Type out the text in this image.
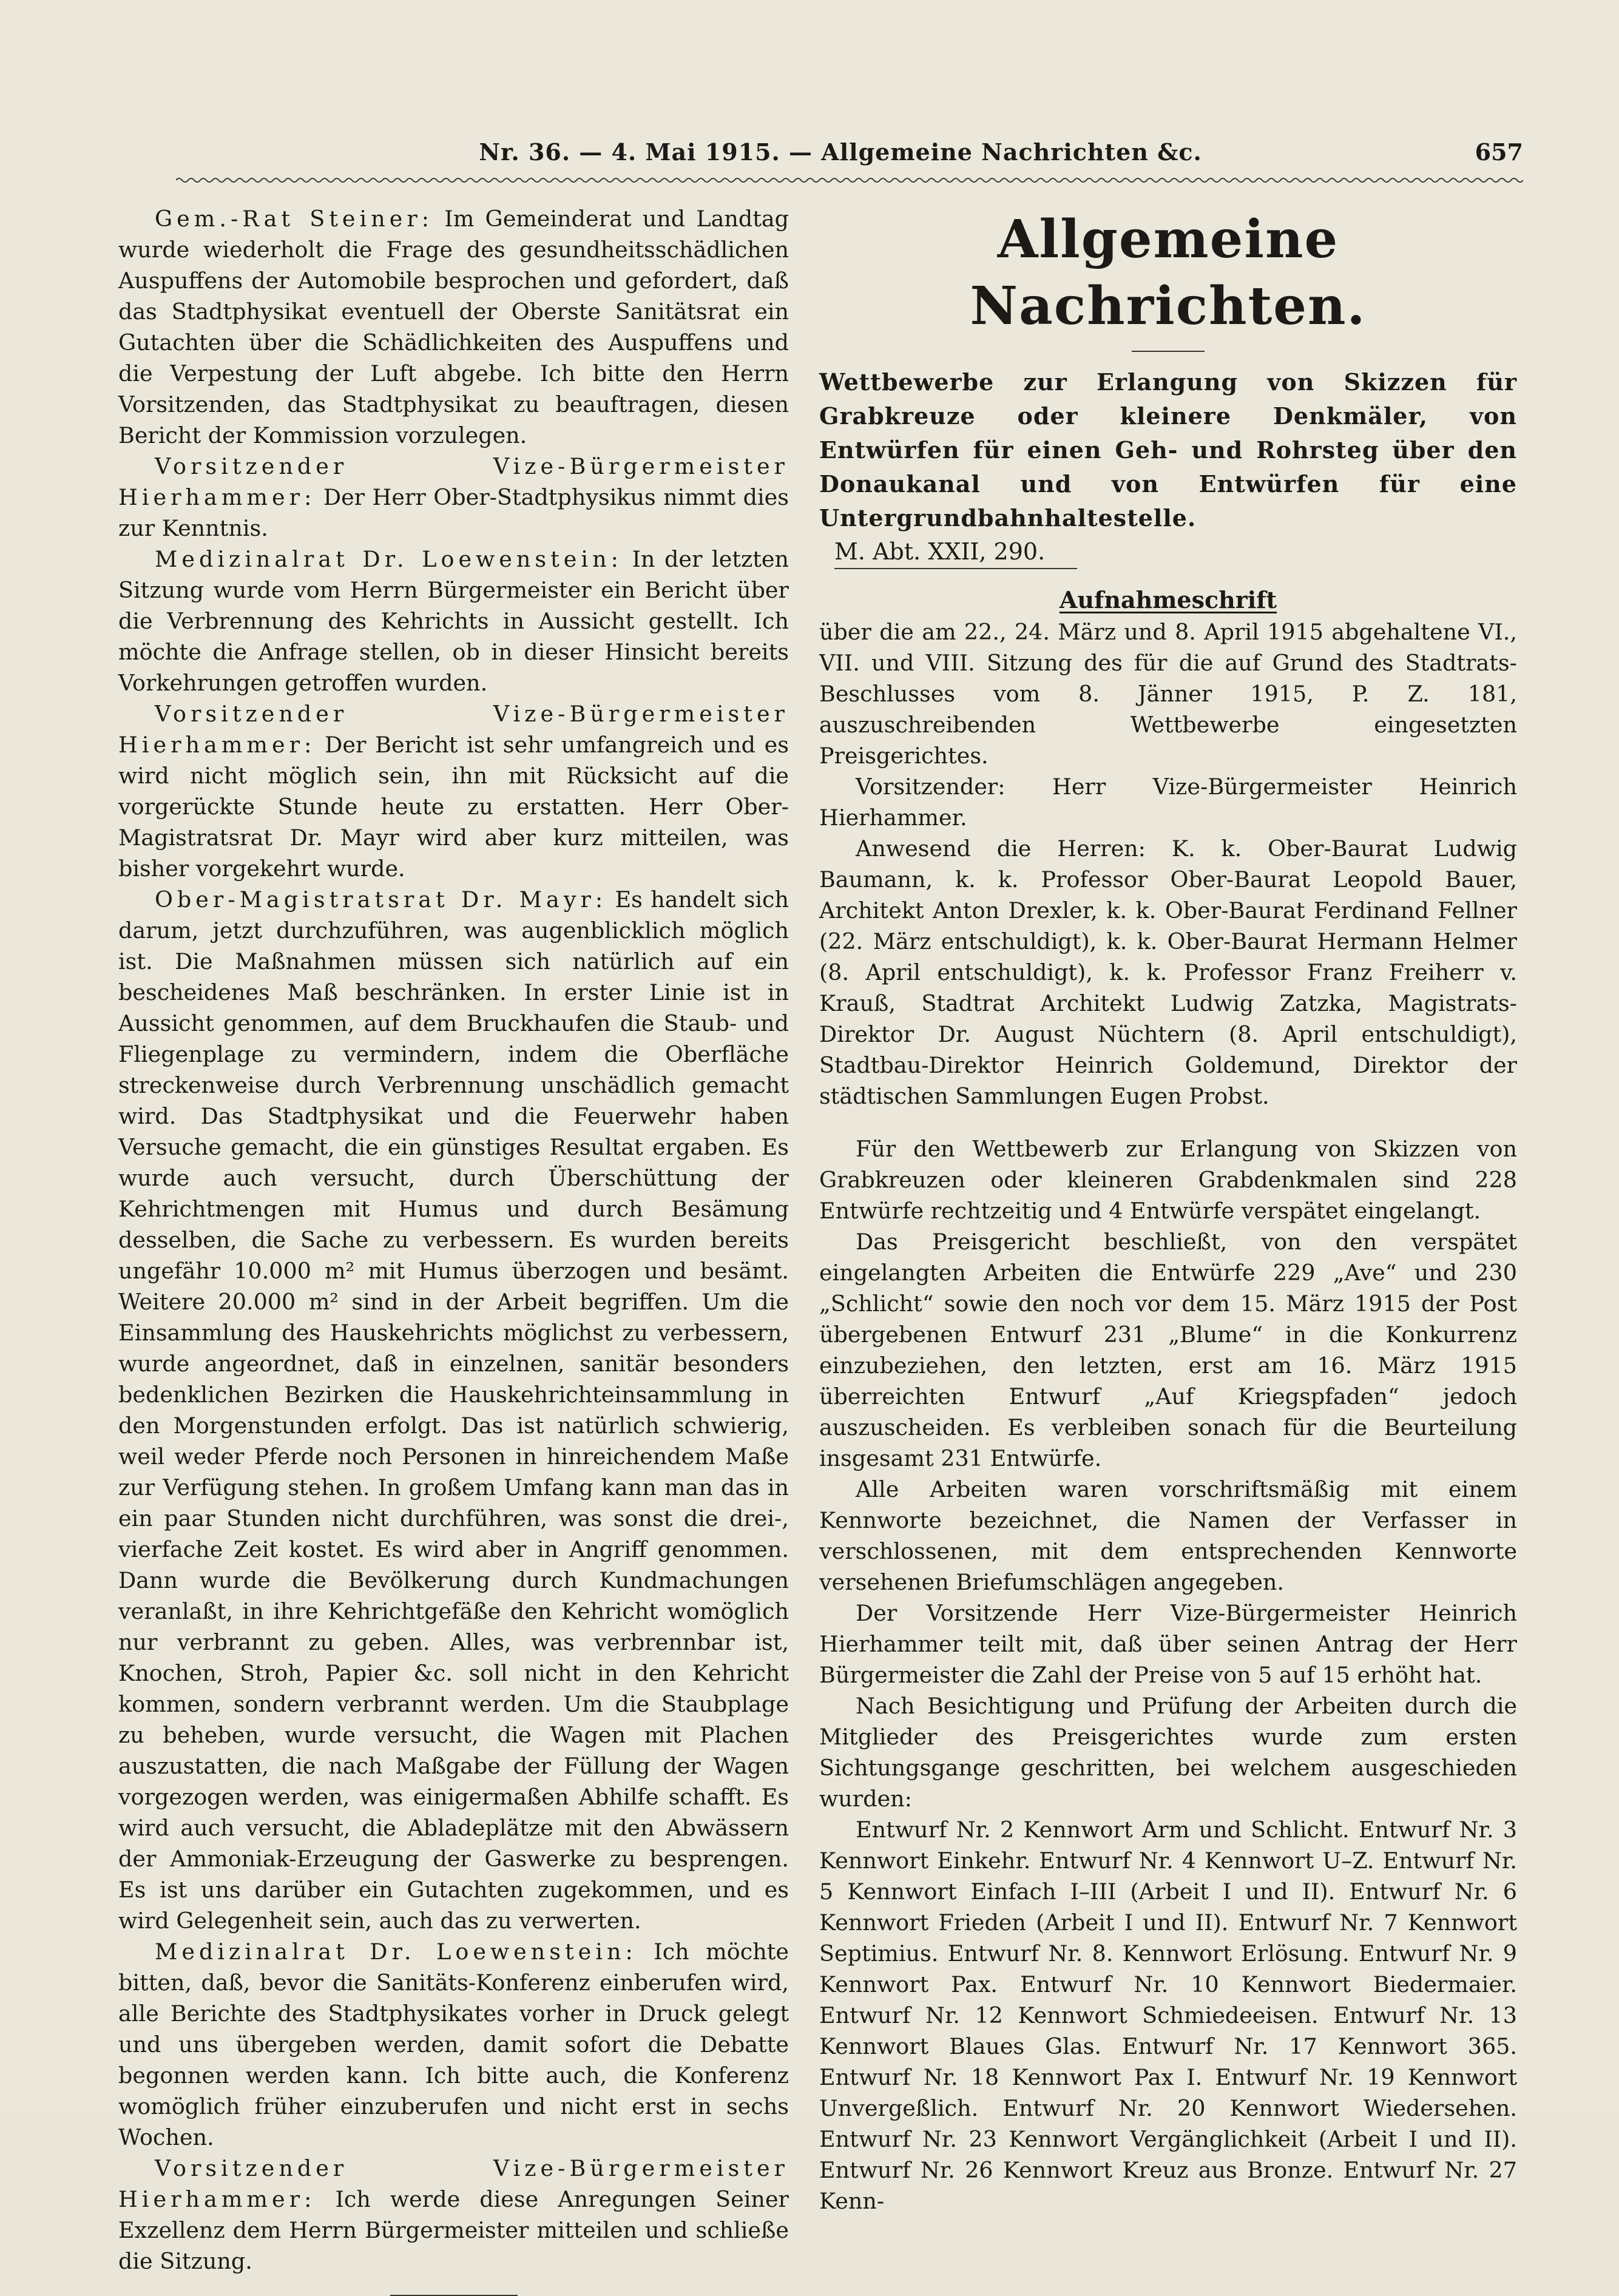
Nr. 36. — 4. Mai 1915. — Allgemeine Nachrichten &c.	657

Gem.-Rat Steiner: Im Gemeinderat und Landtag wurde wiederholt die Frage des gesundheitsschädlichen Auspuffens der Automobile besprochen und gefordert, daß das Stadtphysikat eventuell der Oberste Sanitätsrat ein Gutachten über die Schädlichkeiten des Auspuffens und die Verpestung der Luft abgebe. Ich bitte den Herrn Vorsitzenden, das Stadtphysikat zu beauftragen, diesen Bericht der Kommission vorzulegen.

Vorsitzender Vize-Bürgermeister Hierhammer: Der Herr Ober-Stadtphysikus nimmt dies zur Kenntnis.

Medizinalrat Dr. Loewenstein: In der letzten Sitzung wurde vom Herrn Bürgermeister ein Bericht über die Verbrennung des Kehrichts in Aussicht gestellt. Ich möchte die Anfrage stellen, ob in dieser Hinsicht bereits Vorkehrungen getroffen wurden.

Vorsitzender Vize-Bürgermeister Hierhammer: Der Bericht ist sehr umfangreich und es wird nicht möglich sein, ihn mit Rücksicht auf die vorgerückte Stunde heute zu erstatten. Herr Ober-Magistratsrat Dr. Mayr wird aber kurz mitteilen, was bisher vorgekehrt wurde.

Ober-Magistratsrat Dr. Mayr: Es handelt sich darum, jetzt durchzuführen, was augenblicklich möglich ist. Die Maßnahmen müssen sich natürlich auf ein bescheidenes Maß beschränken. In erster Linie ist in Aussicht genommen, auf dem Bruckhaufen die Staub- und Fliegenplage zu vermindern, indem die Oberfläche streckenweise durch Verbrennung unschädlich gemacht wird. Das Stadtphysikat und die Feuerwehr haben Versuche gemacht, die ein günstiges Resultat ergaben. Es wurde auch versucht, durch Überschüttung der Kehrichtmengen mit Humus und durch Besämung desselben, die Sache zu verbessern. Es wurden bereits ungefähr 10.000 m² mit Humus überzogen und besämt. Weitere 20.000 m² sind in der Arbeit begriffen. Um die Einsammlung des Hauskehrichts möglichst zu verbessern, wurde angeordnet, daß in einzelnen, sanitär besonders bedenklichen Bezirken die Hauskehrichteinsammlung in den Morgenstunden erfolgt. Das ist natürlich schwierig, weil weder Pferde noch Personen in hinreichendem Maße zur Verfügung stehen. In großem Umfang kann man das in ein paar Stunden nicht durchführen, was sonst die drei-, vierfache Zeit kostet. Es wird aber in Angriff genommen. Dann wurde die Bevölkerung durch Kundmachungen veranlaßt, in ihre Kehrichtgefäße den Kehricht womöglich nur verbrannt zu geben. Alles, was verbrennbar ist, Knochen, Stroh, Papier &c. soll nicht in den Kehricht kommen, sondern verbrannt werden. Um die Staubplage zu beheben, wurde versucht, die Wagen mit Plachen auszustatten, die nach Maßgabe der Füllung der Wagen vorgezogen werden, was einigermaßen Abhilfe schafft. Es wird auch versucht, die Abladeplätze mit den Abwässern der Ammoniak-Erzeugung der Gaswerke zu besprengen. Es ist uns darüber ein Gutachten zugekommen, und es wird Gelegenheit sein, auch das zu verwerten.

Medizinalrat Dr. Loewenstein: Ich möchte bitten, daß, bevor die Sanitäts-Konferenz einberufen wird, alle Berichte des Stadtphysikates vorher in Druck gelegt und uns übergeben werden, damit sofort die Debatte begonnen werden kann. Ich bitte auch, die Konferenz womöglich früher einzuberufen und nicht erst in sechs Wochen.

Vorsitzender Vize-Bürgermeister Hierhammer: Ich werde diese Anregungen Seiner Exzellenz dem Herrn Bürgermeister mitteilen und schließe die Sitzung.

Allgemeine Nachrichten.

Wettbewerbe zur Erlangung von Skizzen für Grabkreuze oder kleinere Denkmäler, von Entwürfen für einen Geh- und Rohrsteg über den Donaukanal und von Entwürfen für eine Untergrundbahnhaltestelle.

M. Abt. XXII, 290.

Aufnahmeschrift

über die am 22., 24. März und 8. April 1915 abgehaltene VI., VII. und VIII. Sitzung des für die auf Grund des Stadtrats-Beschlusses vom 8. Jänner 1915, P. Z. 181, auszuschreibenden Wettbewerbe eingesetzten Preisgerichtes.

Vorsitzender: Herr Vize-Bürgermeister Heinrich Hierhammer.

Anwesend die Herren: K. k. Ober-Baurat Ludwig Baumann, k. k. Professor Ober-Baurat Leopold Bauer, Architekt Anton Drexler, k. k. Ober-Baurat Ferdinand Fellner (22. März entschuldigt), k. k. Ober-Baurat Hermann Helmer (8. April entschuldigt), k. k. Professor Franz Freiherr v. Krauß, Stadtrat Architekt Ludwig Zatzka, Magistrats-Direktor Dr. August Nüchtern (8. April entschuldigt), Stadtbau-Direktor Heinrich Goldemund, Direktor der städtischen Sammlungen Eugen Probst.

Für den Wettbewerb zur Erlangung von Skizzen von Grabkreuzen oder kleineren Grabdenkmalen sind 228 Entwürfe rechtzeitig und 4 Entwürfe verspätet eingelangt.

Das Preisgericht beschließt, von den verspätet eingelangten Arbeiten die Entwürfe 229 „Ave“ und 230 „Schlicht“ sowie den noch vor dem 15. März 1915 der Post übergebenen Entwurf 231 „Blume“ in die Konkurrenz einzubeziehen, den letzten, erst am 16. März 1915 überreichten Entwurf „Auf Kriegspfaden“ jedoch auszuscheiden. Es verbleiben sonach für die Beurteilung insgesamt 231 Entwürfe.

Alle Arbeiten waren vorschriftsmäßig mit einem Kennworte bezeichnet, die Namen der Verfasser in verschlossenen, mit dem entsprechenden Kennworte versehenen Briefumschlägen angegeben.

Der Vorsitzende Herr Vize-Bürgermeister Heinrich Hierhammer teilt mit, daß über seinen Antrag der Herr Bürgermeister die Zahl der Preise von 5 auf 15 erhöht hat.

Nach Besichtigung und Prüfung der Arbeiten durch die Mitglieder des Preisgerichtes wurde zum ersten Sichtungsgange geschritten, bei welchem ausgeschieden wurden:

Entwurf Nr. 2 Kennwort Arm und Schlicht. Entwurf Nr. 3 Kennwort Einkehr. Entwurf Nr. 4 Kennwort U–Z. Entwurf Nr. 5 Kennwort Einfach I–III (Arbeit I und II). Entwurf Nr. 6 Kennwort Frieden (Arbeit I und II). Entwurf Nr. 7 Kennwort Septimius. Entwurf Nr. 8. Kennwort Erlösung. Entwurf Nr. 9 Kennwort Pax. Entwurf Nr. 10 Kennwort Biedermaier. Entwurf Nr. 12 Kennwort Schmiedeeisen. Entwurf Nr. 13 Kennwort Blaues Glas. Entwurf Nr. 17 Kennwort 365. Entwurf Nr. 18 Kennwort Pax I. Entwurf Nr. 19 Kennwort Unvergeßlich. Entwurf Nr. 20 Kennwort Wiedersehen. Entwurf Nr. 23 Kennwort Vergänglichkeit (Arbeit I und II). Entwurf Nr. 26 Kennwort Kreuz aus Bronze. Entwurf Nr. 27 Kenn-
